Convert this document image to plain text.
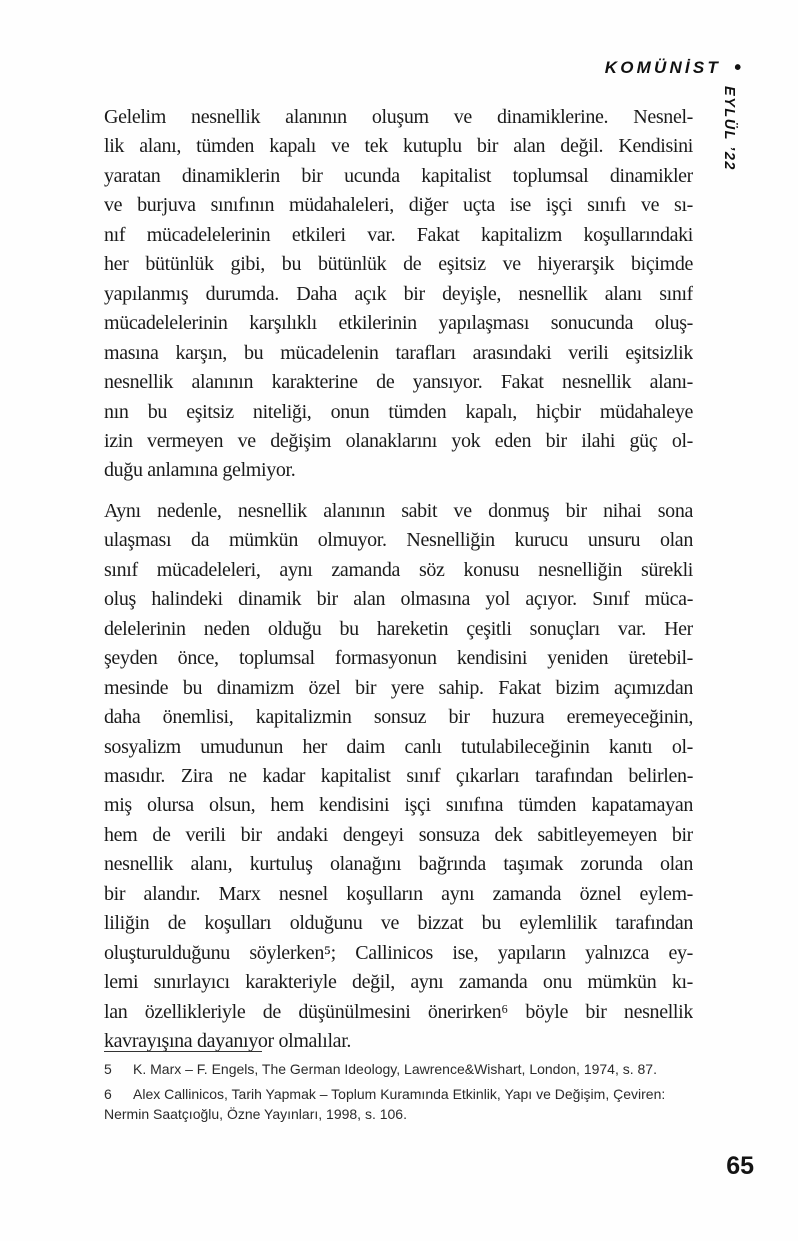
KOMÜNİST •
EYLÜL ’22
Gelelim nesnellik alanının oluşum ve dinamiklerine. Nesnel-
lik alanı, tümden kapalı ve tek kutuplu bir alan değil. Kendisini
yaratan dinamiklerin bir ucunda kapitalist toplumsal dinamikler
ve burjuva sınıfının müdahaleleri, diğer uçta ise işçi sınıfı ve sı-
nıf mücadelelerinin etkileri var. Fakat kapitalizm koşullarındaki
her bütünlük gibi, bu bütünlük de eşitsiz ve hiyerarşik biçimde
yapılanmış durumda. Daha açık bir deyişle, nesnellik alanı sınıf
mücadelelerinin karşılıklı etkilerinin yapılaşması sonucunda oluş-
masına karşın, bu mücadelenin tarafları arasındaki verili eşitsizlik
nesnellik alanının karakterine de yansıyor. Fakat nesnellik alanı-
nın bu eşitsiz niteliği, onun tümden kapalı, hiçbir müdahaleye
izin vermeyen ve değişim olanaklarını yok eden bir ilahi güç ol-
duğu anlamına gelmiyor.
Aynı nedenle, nesnellik alanının sabit ve donmuş bir nihai sona
ulaşması da mümkün olmuyor. Nesnelliğin kurucu unsuru olan
sınıf mücadeleleri, aynı zamanda söz konusu nesnelliğin sürekli
oluş halindeki dinamik bir alan olmasına yol açıyor. Sınıf müca-
delelerinin neden olduğu bu hareketin çeşitli sonuçları var. Her
şeyden önce, toplumsal formasyonun kendisini yeniden üretebil-
mesinde bu dinamizm özel bir yere sahip. Fakat bizim açımızdan
daha önemlisi, kapitalizmin sonsuz bir huzura eremeyeceğinin,
sosyalizm umudunun her daim canlı tutulabileceğinin kanıtı ol-
masıdır. Zira ne kadar kapitalist sınıf çıkarları tarafından belirlen-
miş olursa olsun, hem kendisini işçi sınıfına tümden kapatamayan
hem de verili bir andaki dengeyi sonsuza dek sabitleyemeyen bir
nesnellik alanı, kurtuluş olanağını bağrında taşımak zorunda olan
bir alandır. Marx nesnel koşulların aynı zamanda öznel eylem-
liliğin de koşulları olduğunu ve bizzat bu eylemlilik tarafından
oluşturulduğunu söylerken⁵; Callinicos ise, yapıların yalnızca ey-
lemi sınırlayıcı karakteriyle değil, aynı zamanda onu mümkün kı-
lan özellikleriyle de düşünülmesini önerirken⁶ böyle bir nesnellik
kavrayışına dayanıyor olmalılar.
5	K. Marx – F. Engels, The German Ideology, Lawrence&Wishart, London, 1974, s. 87.
6	Alex Callinicos, Tarih Yapmak – Toplum Kuramında Etkinlik, Yapı ve Değişim, Çeviren:
Nermin Saatçıoğlu, Özne Yayınları, 1998, s. 106.
65
